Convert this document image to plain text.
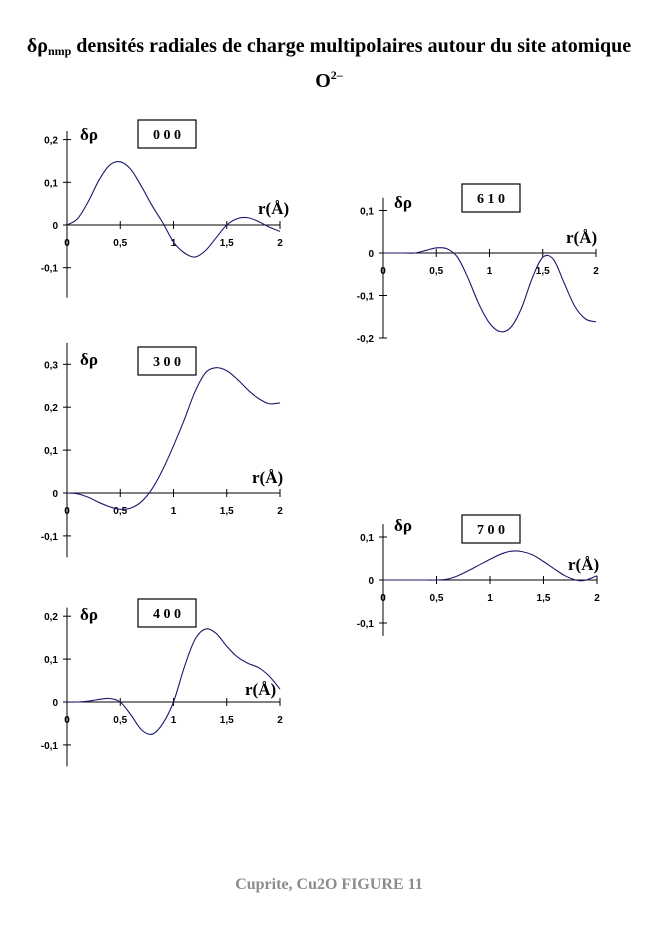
$\delta\rho_{nmp}$ densités radiales de charge multipolaires autour du site atomique $O^{2-}$
0,2
0,1
0
-0,1
0	0,5	1	1,5	2
δρ
r(Å)
0 0 0
0,3
0,2
0,1
0
-0,1
0	0,5	1	1,5	2
δρ
r(Å)
3 0 0
0,2
0,1
0
-0,1
0	0,5	1	1,5	2
δρ
r(Å)
4 0 0
0,1
0
-0,1
-0,2
0	0,5	1	1,5	2
δρ
r(Å)
6 1 0
0,1
0
-0,1
0	0,5	1	1,5	2
δρ
r(Å)
7 0 0
Cuprite, Cu2O FIGURE 11
